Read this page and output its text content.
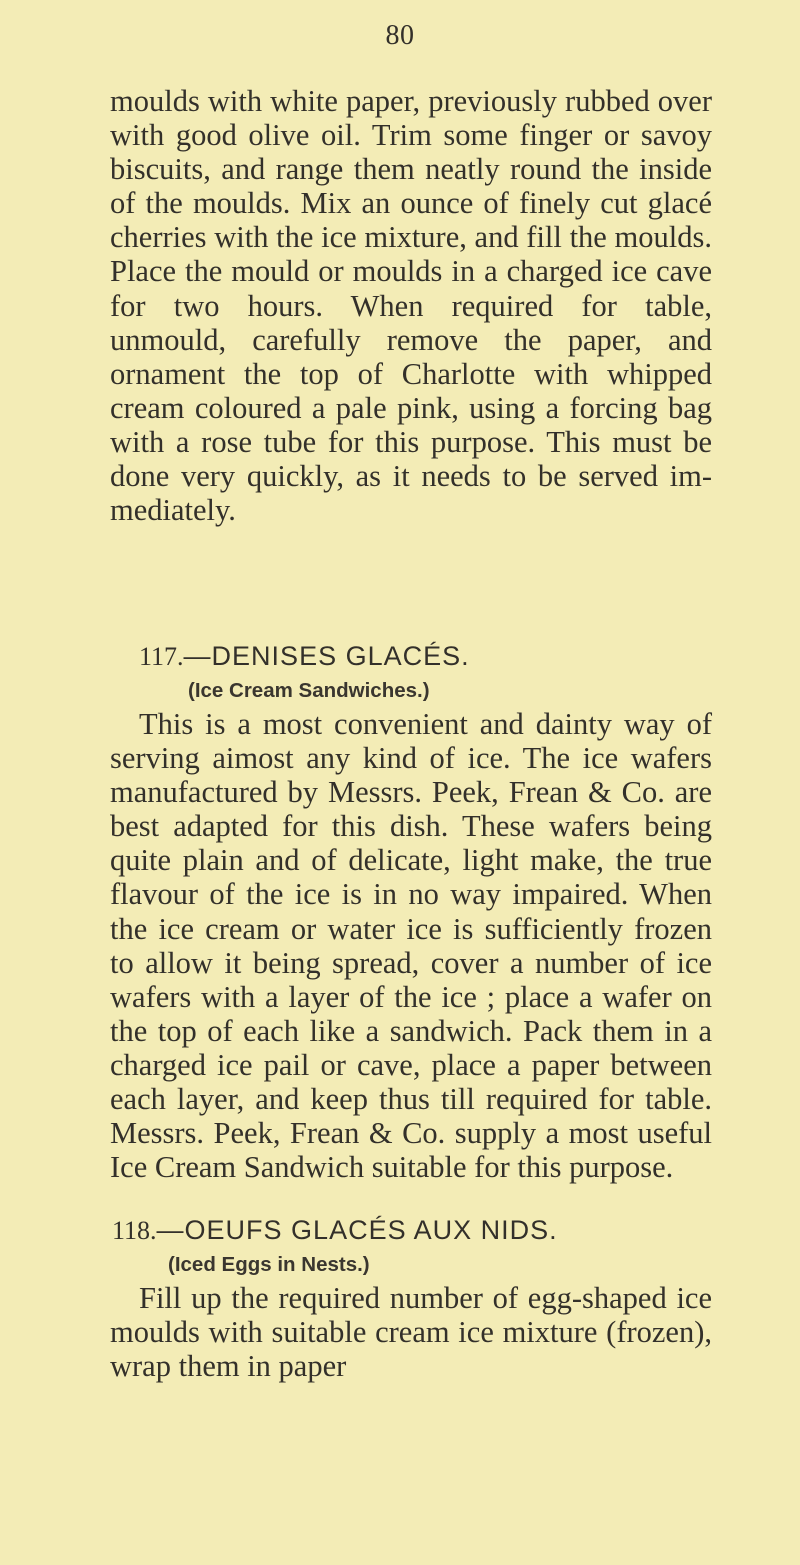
80

moulds with white paper, previously rubbed over with good olive oil. Trim some finger or savoy biscuits, and range them neatly round the inside of the moulds. Mix an ounce of finely cut glacé cherries with the ice mixture, and fill the moulds. Place the mould or moulds in a charged ice cave for two hours. When required for table, unmould, carefully remove the paper, and ornament the top of Charlotte with whipped cream coloured a pale pink, using a forcing bag with a rose tube for this purpose. This must be done very quickly, as it needs to be served im-mediately.

117.—DENISES GLACÉS.
(Ice Cream Sandwiches.)

This is a most convenient and dainty way of serving aimost any kind of ice. The ice wafers manufactured by Messrs. Peek, Frean & Co. are best adapted for this dish. These wafers being quite plain and of delicate, light make, the true flavour of the ice is in no way impaired. When the ice cream or water ice is sufficiently frozen to allow it being spread, cover a number of ice wafers with a layer of the ice ; place a wafer on the top of each like a sandwich. Pack them in a charged ice pail or cave, place a paper between each layer, and keep thus till required for table. Messrs. Peek, Frean & Co. supply a most useful Ice Cream Sandwich suitable for this purpose.

118.—OEUFS GLACÉS AUX NIDS.
(Iced Eggs in Nests.)

Fill up the required number of egg-shaped ice moulds with suitable cream ice mixture (frozen), wrap them in paper
